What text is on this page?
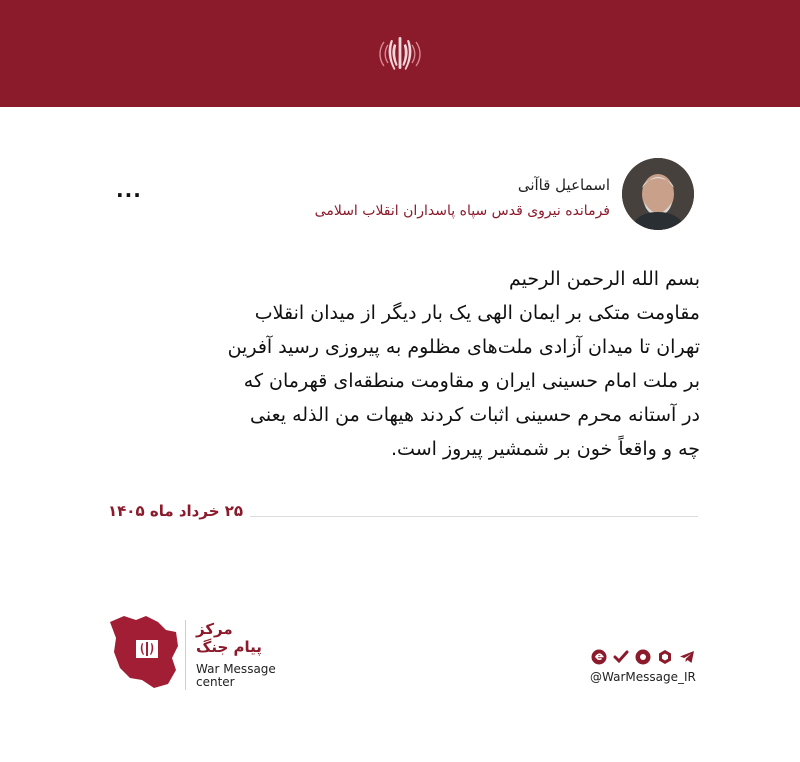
اسماعیل قاآنی
فرمانده نیروی قدس سپاه پاسداران انقلاب اسلامی
...

بسم الله الرحمن الرحیم

مقاومت متکی بر ایمان الهی یک بار دیگر از میدان انقلاب

تهران تا میدان آزادی ملت‌های مظلوم به پیروزی رسید آفرین

بر ملت امام حسینی ایران و مقاومت منطقه‌ای قهرمان که

در آستانه محرم حسینی اثبات کردند هیهات من الذله یعنی

چه و واقعاً خون بر شمشیر پیروز است.

۲۵ خرداد ماه ۱۴۰۵
مرکز
پیام جنگ
War Message
center	@WarMessage_IR
